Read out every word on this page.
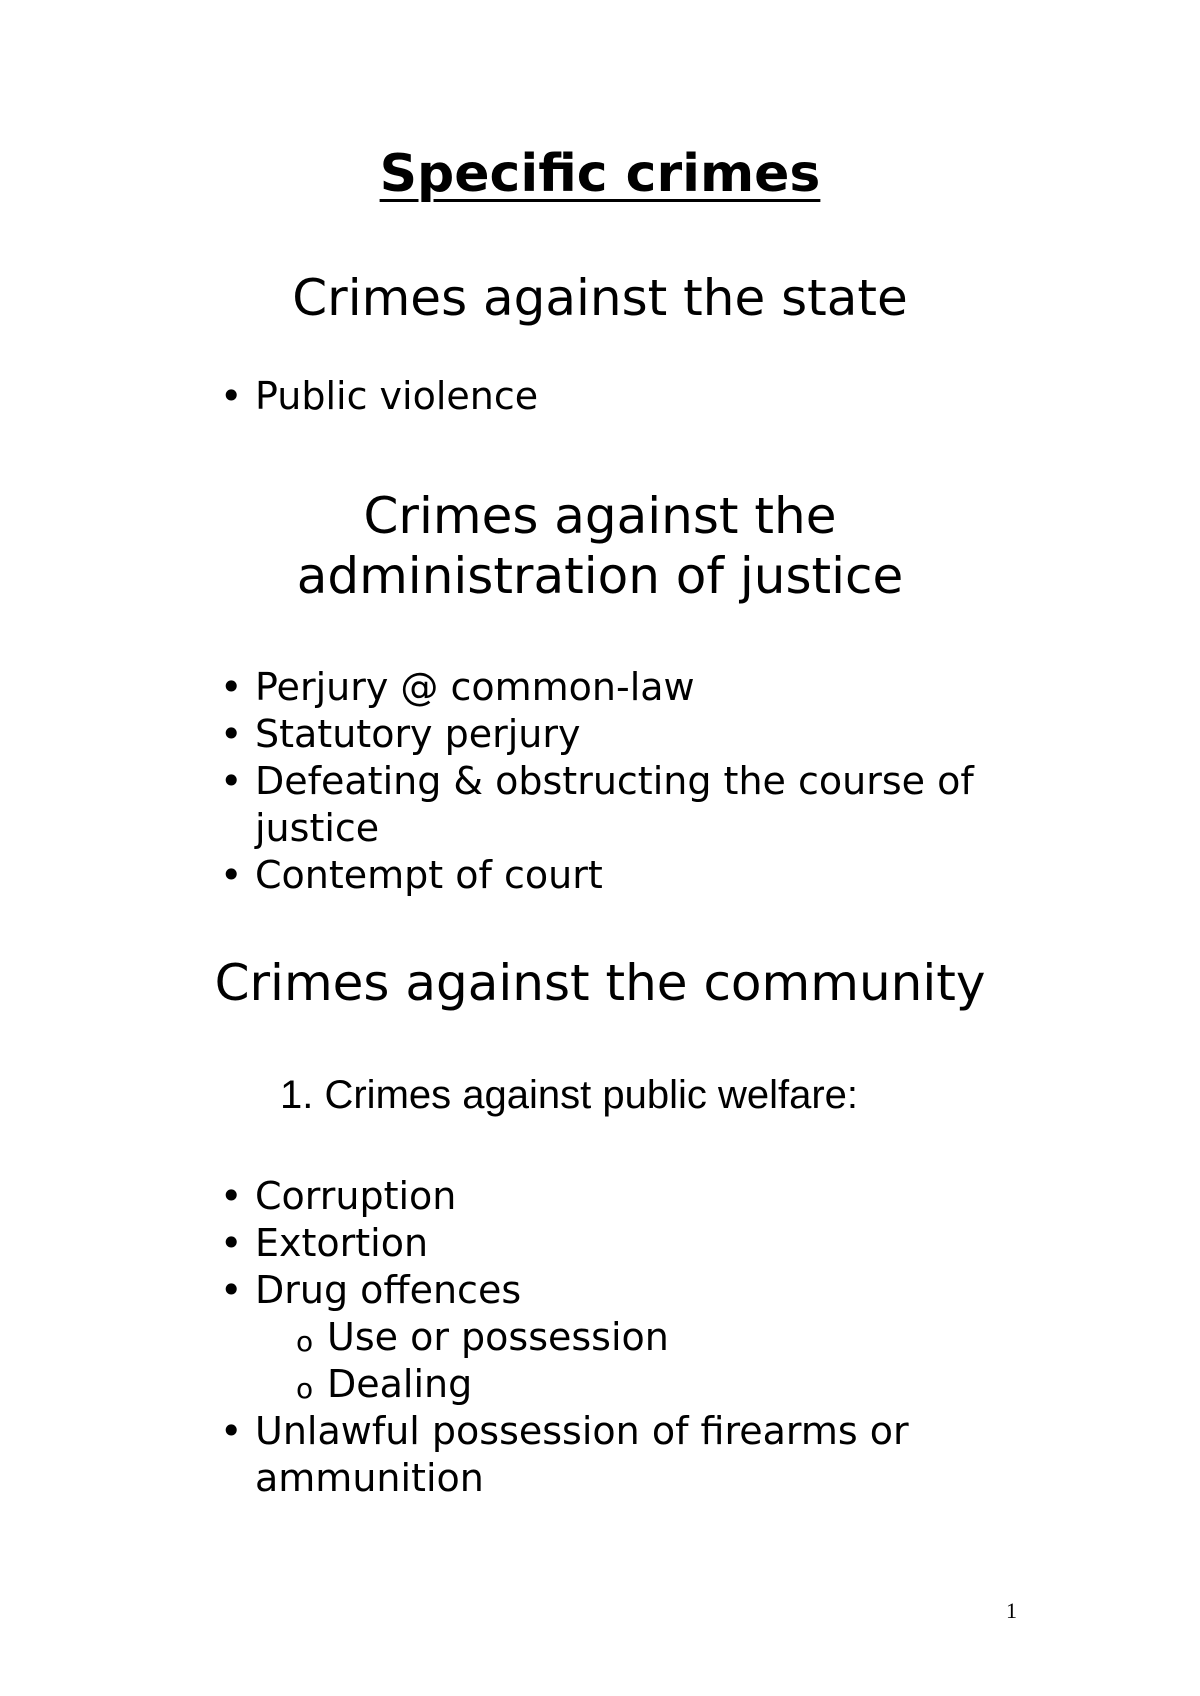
Specific crimes
Crimes against the state
• Public violence
Crimes against the
administration of justice
• Perjury @ common-law
• Statutory perjury
• Defeating & obstructing the course of justice
• Contempt of court
Crimes against the community
1. Crimes against public welfare:
• Corruption
• Extortion
• Drug offences
o Use or possession
o Dealing
• Unlawful possession of firearms or ammunition
1
